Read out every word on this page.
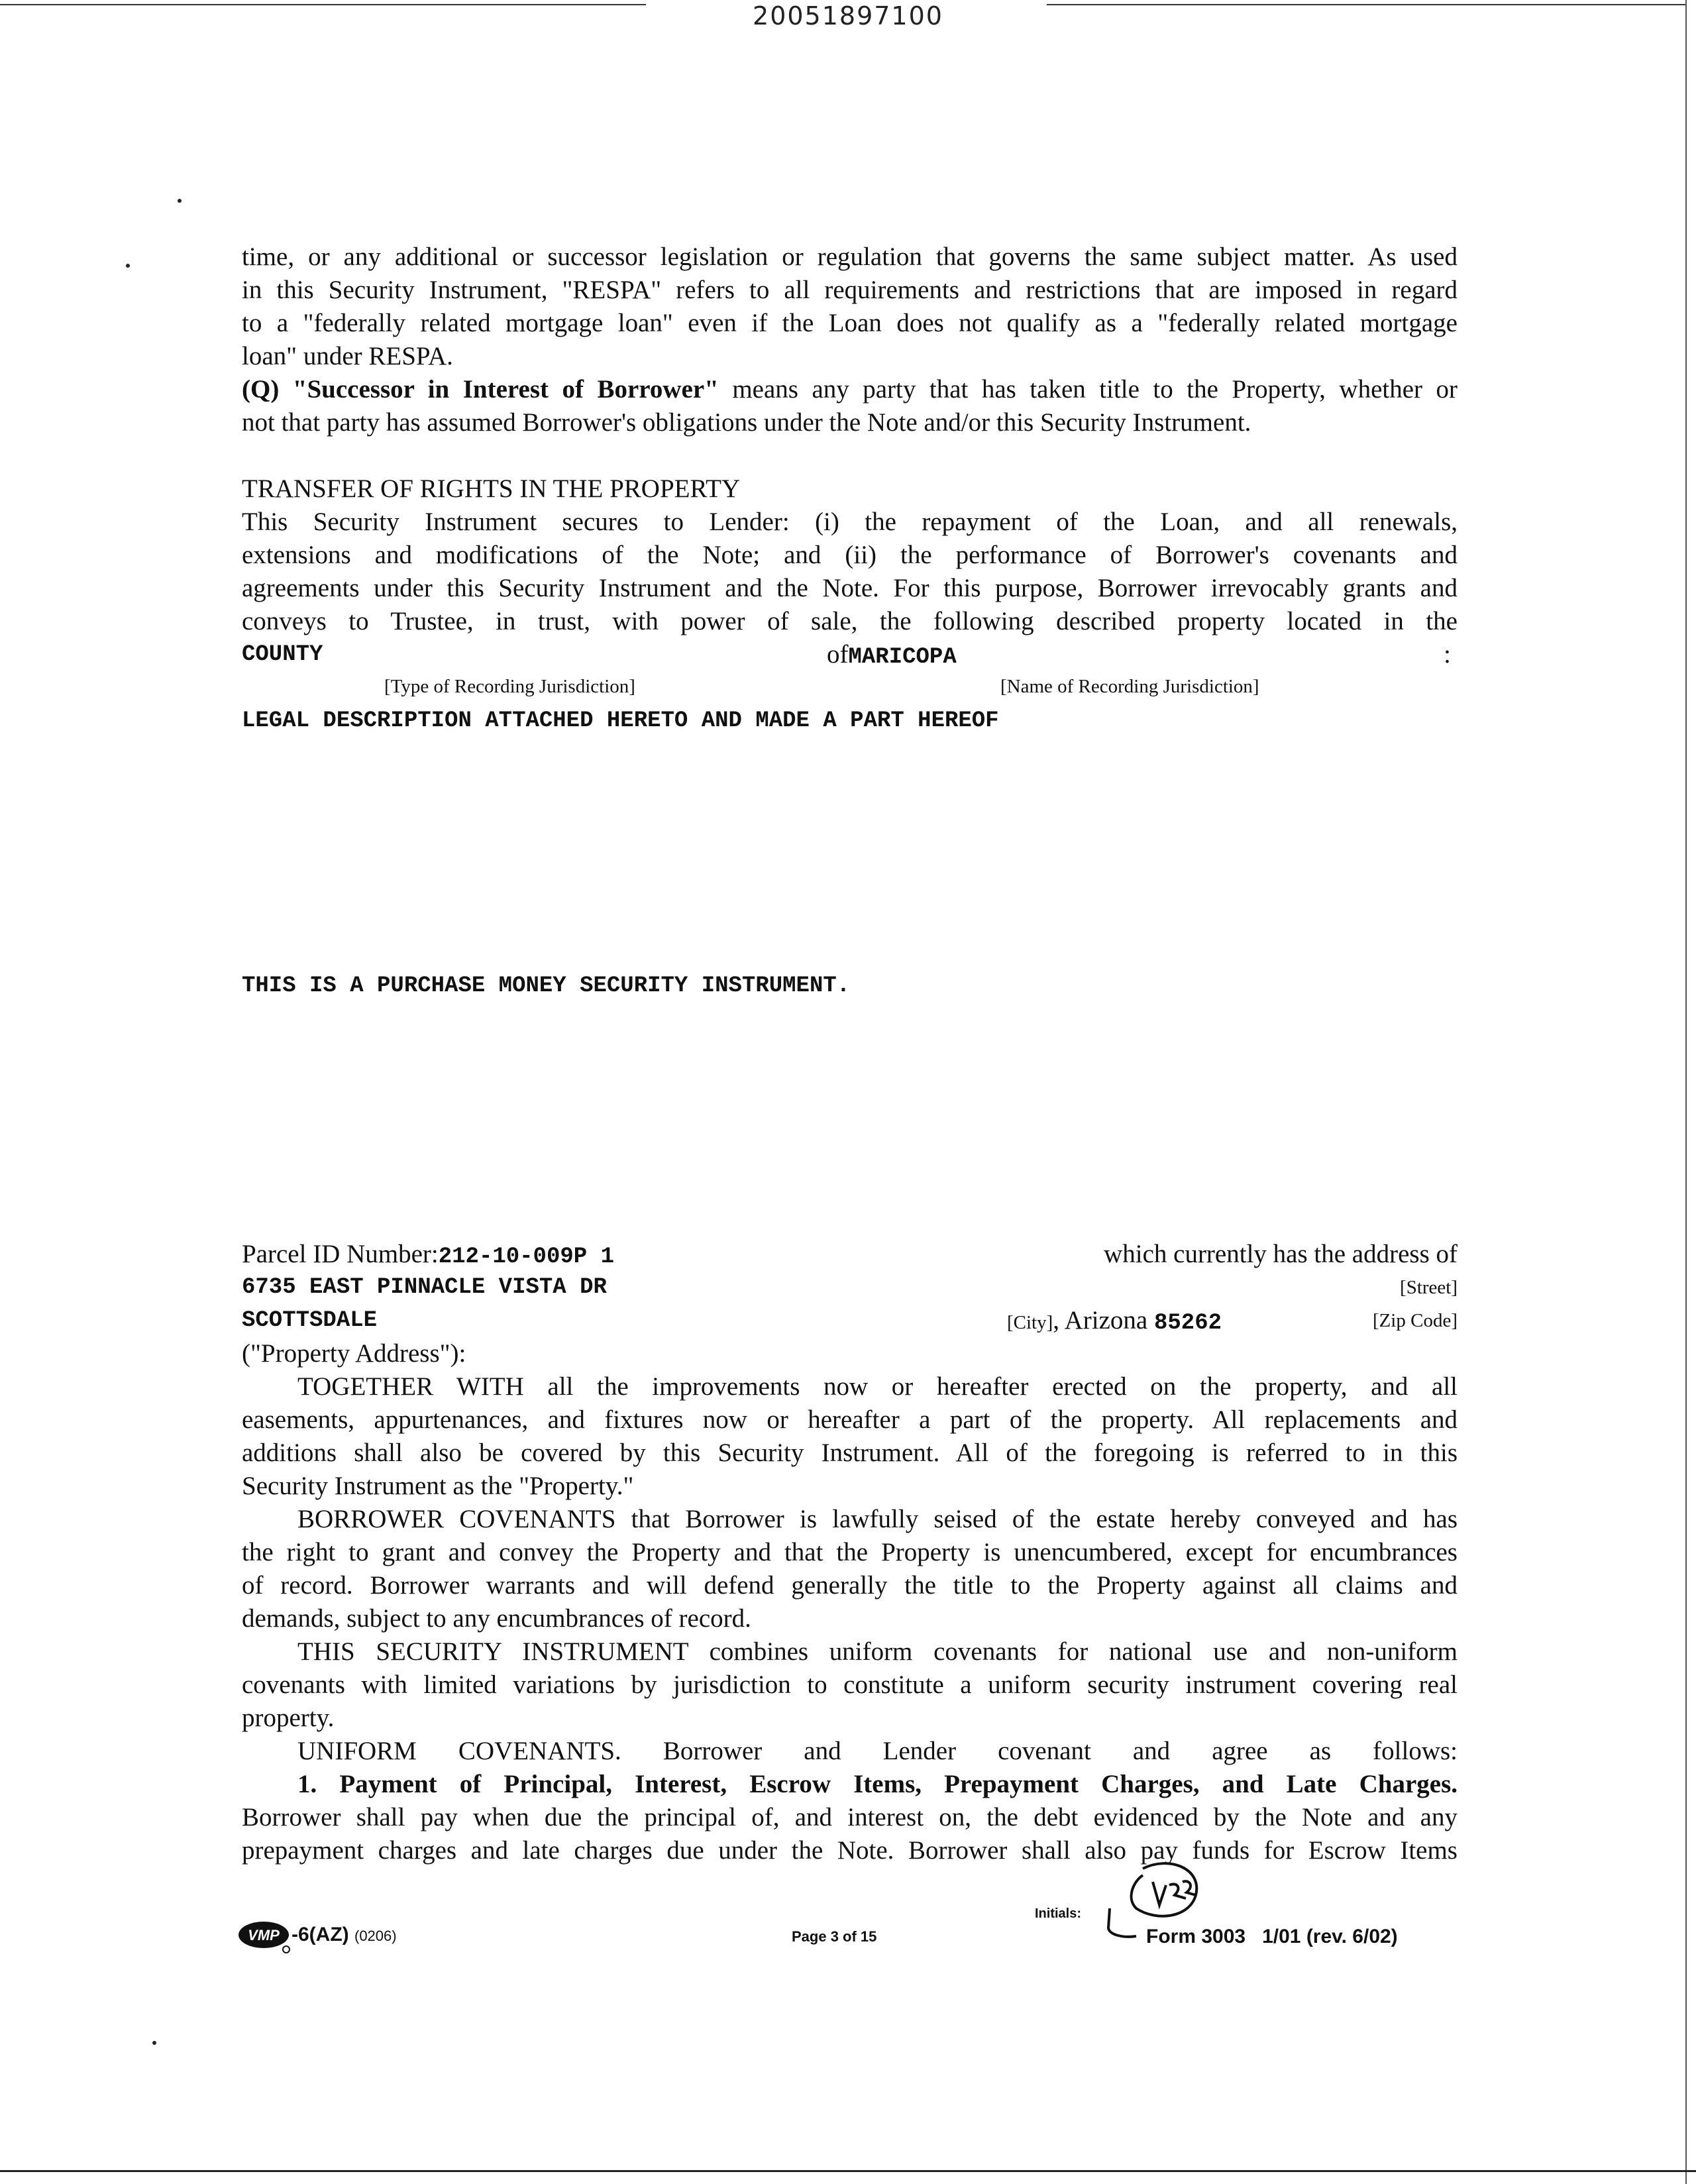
20051897100

time, or any additional or successor legislation or regulation that governs the same subject matter. As used

in this Security Instrument, "RESPA" refers to all requirements and restrictions that are imposed in regard

to a "federally related mortgage loan" even if the Loan does not qualify as a "federally related mortgage

loan" under RESPA.

(Q) "Successor in Interest of Borrower" means any party that has taken title to the Property, whether or

not that party has assumed Borrower's obligations under the Note and/or this Security Instrument.

TRANSFER OF RIGHTS IN THE PROPERTY

This Security Instrument secures to Lender: (i) the repayment of the Loan, and all renewals,

extensions and modifications of the Note; and (ii) the performance of Borrower's covenants and

agreements under this Security Instrument and the Note. For this purpose, Borrower irrevocably grants and

conveys to Trustee, in trust, with power of sale, the following described property located in the

COUNTY	ofMARICOPA	:
[Type of Recording Jurisdiction]	[Name of Recording Jurisdiction]
LEGAL DESCRIPTION ATTACHED HERETO AND MADE A PART HEREOF
THIS IS A PURCHASE MONEY SECURITY INSTRUMENT.
Parcel ID Number:212-10-009P 1	which currently has the address of
6735 EAST PINNACLE VISTA DR	[Street]
SCOTTSDALE	[City], Arizona 85262	[Zip Code]
("Property Address"):

TOGETHER WITH all the improvements now or hereafter erected on the property, and all

easements, appurtenances, and fixtures now or hereafter a part of the property. All replacements and

additions shall also be covered by this Security Instrument. All of the foregoing is referred to in this

Security Instrument as the "Property."

BORROWER COVENANTS that Borrower is lawfully seised of the estate hereby conveyed and has

the right to grant and convey the Property and that the Property is unencumbered, except for encumbrances

of record. Borrower warrants and will defend generally the title to the Property against all claims and

demands, subject to any encumbrances of record.

THIS SECURITY INSTRUMENT combines uniform covenants for national use and non-uniform

covenants with limited variations by jurisdiction to constitute a uniform security instrument covering real

property.

UNIFORM COVENANTS. Borrower and Lender covenant and agree as follows:

1. Payment of Principal, Interest, Escrow Items, Prepayment Charges, and Late Charges.

Borrower shall pay when due the principal of, and interest on, the debt evidenced by the Note and any

prepayment charges and late charges due under the Note. Borrower shall also pay funds for Escrow Items

VMP -6(AZ) (0206)	Page 3 of 15
Initials:
Form 3003 1/01 (rev. 6/02)
